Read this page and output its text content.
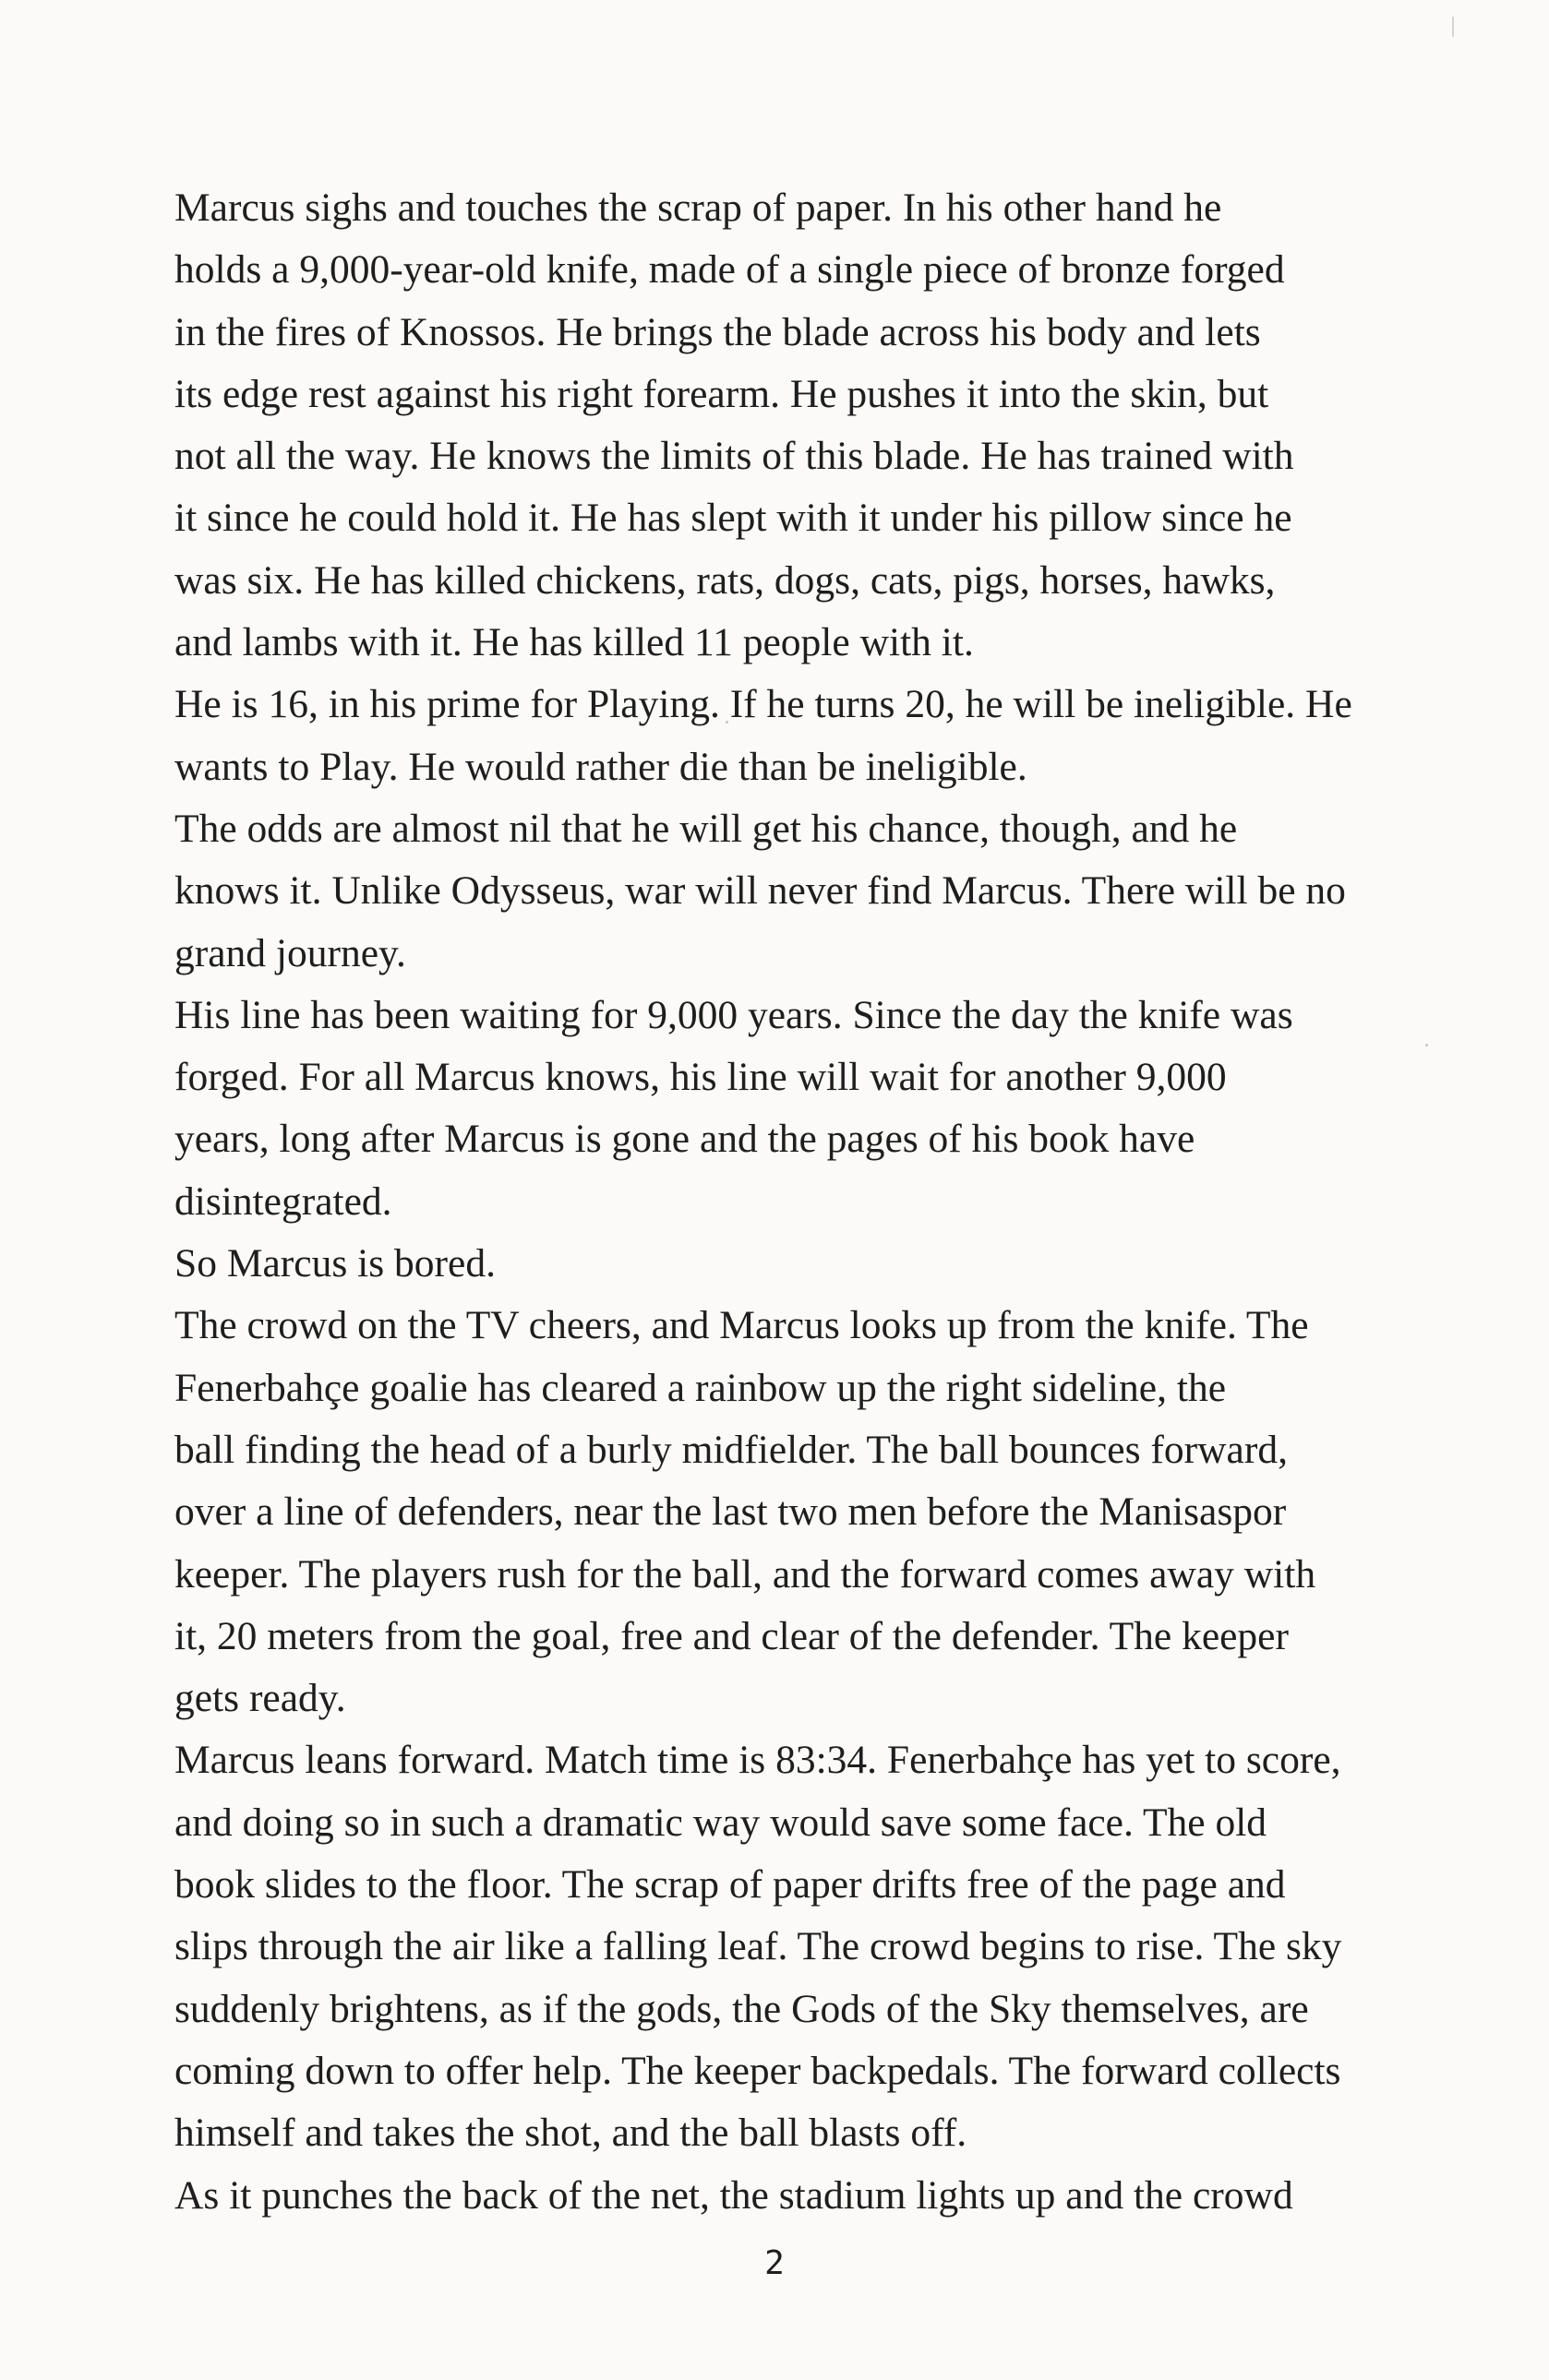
Marcus sighs and touches the scrap of paper. In his other hand he
holds a 9,000-year-old knife, made of a single piece of bronze forged
in the fires of Knossos. He brings the blade across his body and lets
its edge rest against his right forearm. He pushes it into the skin, but
not all the way. He knows the limits of this blade. He has trained with
it since he could hold it. He has slept with it under his pillow since he
was six. He has killed chickens, rats, dogs, cats, pigs, horses, hawks,
and lambs with it. He has killed 11 people with it.
He is 16, in his prime for Playing. If he turns 20, he will be ineligible. He
wants to Play. He would rather die than be ineligible.
The odds are almost nil that he will get his chance, though, and he
knows it. Unlike Odysseus, war will never find Marcus. There will be no
grand journey.
His line has been waiting for 9,000 years. Since the day the knife was
forged. For all Marcus knows, his line will wait for another 9,000
years, long after Marcus is gone and the pages of his book have
disintegrated.
So Marcus is bored.
The crowd on the TV cheers, and Marcus looks up from the knife. The
Fenerbahçe goalie has cleared a rainbow up the right sideline, the
ball finding the head of a burly midfielder. The ball bounces forward,
over a line of defenders, near the last two men before the Manisaspor
keeper. The players rush for the ball, and the forward comes away with
it, 20 meters from the goal, free and clear of the defender. The keeper
gets ready.
Marcus leans forward. Match time is 83:34. Fenerbahçe has yet to score,
and doing so in such a dramatic way would save some face. The old
book slides to the floor. The scrap of paper drifts free of the page and
slips through the air like a falling leaf. The crowd begins to rise. The sky
suddenly brightens, as if the gods, the Gods of the Sky themselves, are
coming down to offer help. The keeper backpedals. The forward collects
himself and takes the shot, and the ball blasts off.
As it punches the back of the net, the stadium lights up and the crowd
2
